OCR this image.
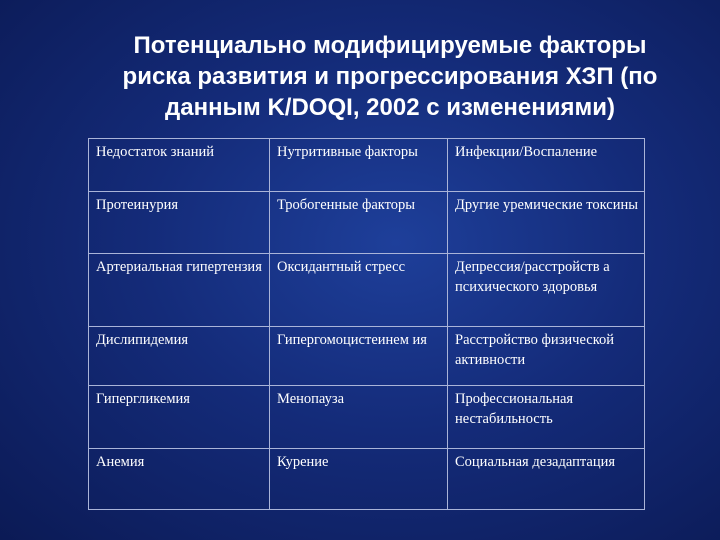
Потенциально модифицируемые факторы
риска развития и прогрессирования ХЗП (по
данным K/DOQI, 2002 с изменениями)
Недостаток знаний	Нутритивные факторы	Инфекции/Воспаление
Протеинурия	Тробогенные факторы	Другие уремические токсины
Артериальная гипертензия	Оксидантный стресс	Депрессия/расстройств а психического здоровья
Дислипидемия	Гипергомоцистеинем ия	Расстройство физической активности
Гипергликемия	Менопауза	Профессиональная нестабильность
Анемия	Курение	Социальная дезадаптация
